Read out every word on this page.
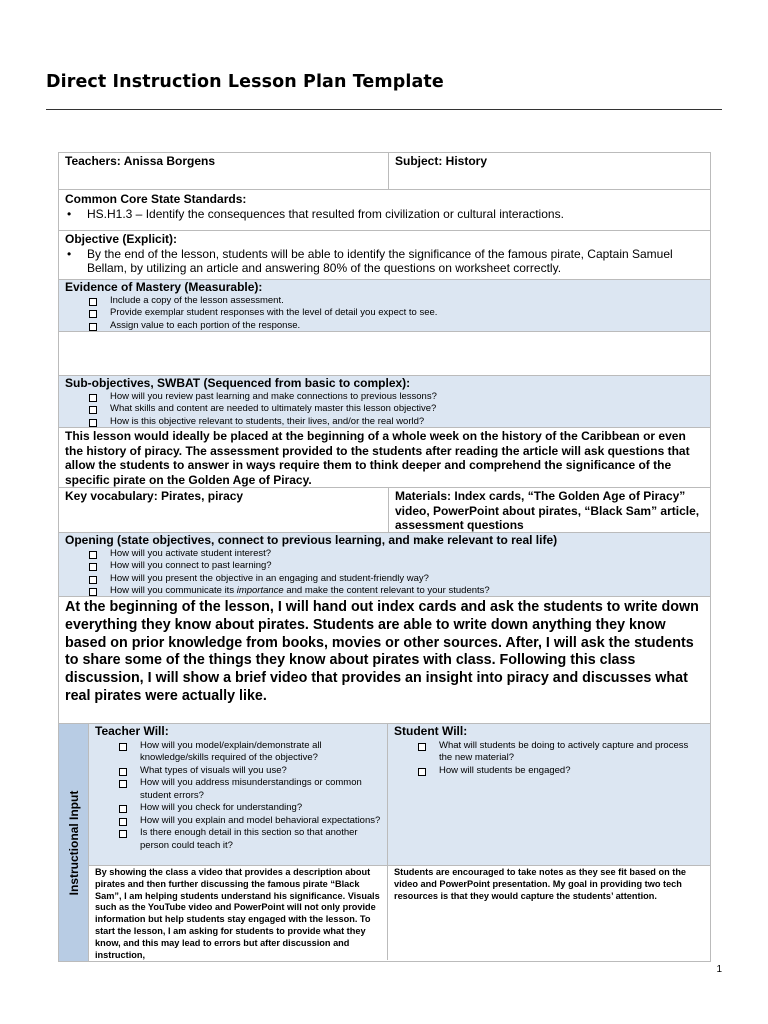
Direct Instruction Lesson Plan Template
Teachers: Anissa Borgens	Subject: History
Common Core State Standards:
• HS.H1.3 – Identify the consequences that resulted from civilization or cultural interactions.
Objective (Explicit):
• By the end of the lesson, students will be able to identify the significance of the famous pirate, Captain Samuel Bellam, by utilizing an article and answering 80% of the questions on worksheet correctly.
Evidence of Mastery (Measurable):
Include a copy of the lesson assessment.
Provide exemplar student responses with the level of detail you expect to see.
Assign value to each portion of the response.
Sub-objectives, SWBAT (Sequenced from basic to complex):
How will you review past learning and make connections to previous lessons?
What skills and content are needed to ultimately master this lesson objective?
How is this objective relevant to students, their lives, and/or the real world?
This lesson would ideally be placed at the beginning of a whole week on the history of the Caribbean or even the history of piracy. The assessment provided to the students after reading the article will ask questions that allow the students to answer in ways require them to think deeper and comprehend the significance of the specific pirate on the Golden Age of Piracy.
Key vocabulary: Pirates, piracy	Materials: Index cards, “The Golden Age of Piracy” video, PowerPoint about pirates, “Black Sam” article, assessment questions
Opening (state objectives, connect to previous learning, and make relevant to real life)
How will you activate student interest?
How will you connect to past learning?
How will you present the objective in an engaging and student-friendly way?
How will you communicate its importance and make the content relevant to your students?
At the beginning of the lesson, I will hand out index cards and ask the students to write down everything they know about pirates. Students are able to write down anything they know based on prior knowledge from books, movies or other sources. After, I will ask the students to share some of the things they know about pirates with class. Following this class discussion, I will show a brief video that provides an insight into piracy and discusses what real pirates were actually like.
Instructional Input
Teacher Will:
How will you model/explain/demonstrate all knowledge/skills required of the objective?
What types of visuals will you use?
How will you address misunderstandings or common student errors?
How will you check for understanding?
How will you explain and model behavioral expectations?
Is there enough detail in this section so that another person could teach it?
Student Will:
What will students be doing to actively capture and process the new material?
How will students be engaged?
By showing the class a video that provides a description about pirates and then further discussing the famous pirate “Black Sam”, I am helping students understand his significance. Visuals such as the YouTube video and PowerPoint will not only provide information but help students stay engaged with the lesson. To start the lesson, I am asking for students to provide what they know, and this may lead to errors but after discussion and instruction,
Students are encouraged to take notes as they see fit based on the video and PowerPoint presentation. My goal in providing two tech resources is that they would capture the students’ attention.
1
